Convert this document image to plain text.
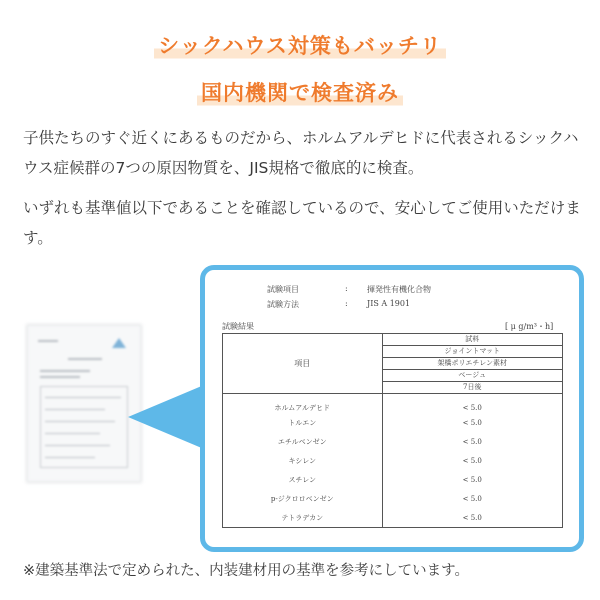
シックハウス対策もバッチリ
国内機関で検査済み
子供たちのすぐ近くにあるものだから、ホルムアルデヒドに代表されるシックハウス症候群の7つの原因物質を、JIS規格で徹底的に検査。
いずれも基準値以下であることを確認しているので、安心してご使用いただけます。
試験項目	: 揮発性有機化合物
試験方法	: JIS A 1901
試験結果	[ μ g/m³・h]
項目	試料
ジョイントマット
架橋ポリエチレン素材
ベージュ
7日後

ホルムアルデヒド	< 5.0
トルエン	< 5.0
エチルベンゼン	< 5.0
キシレン	< 5.0
スチレン	< 5.0
p-ジクロロベンゼン	< 5.0
テトラデカン	< 5.0
※建築基準法で定められた、内装建材用の基準を参考にしています。
